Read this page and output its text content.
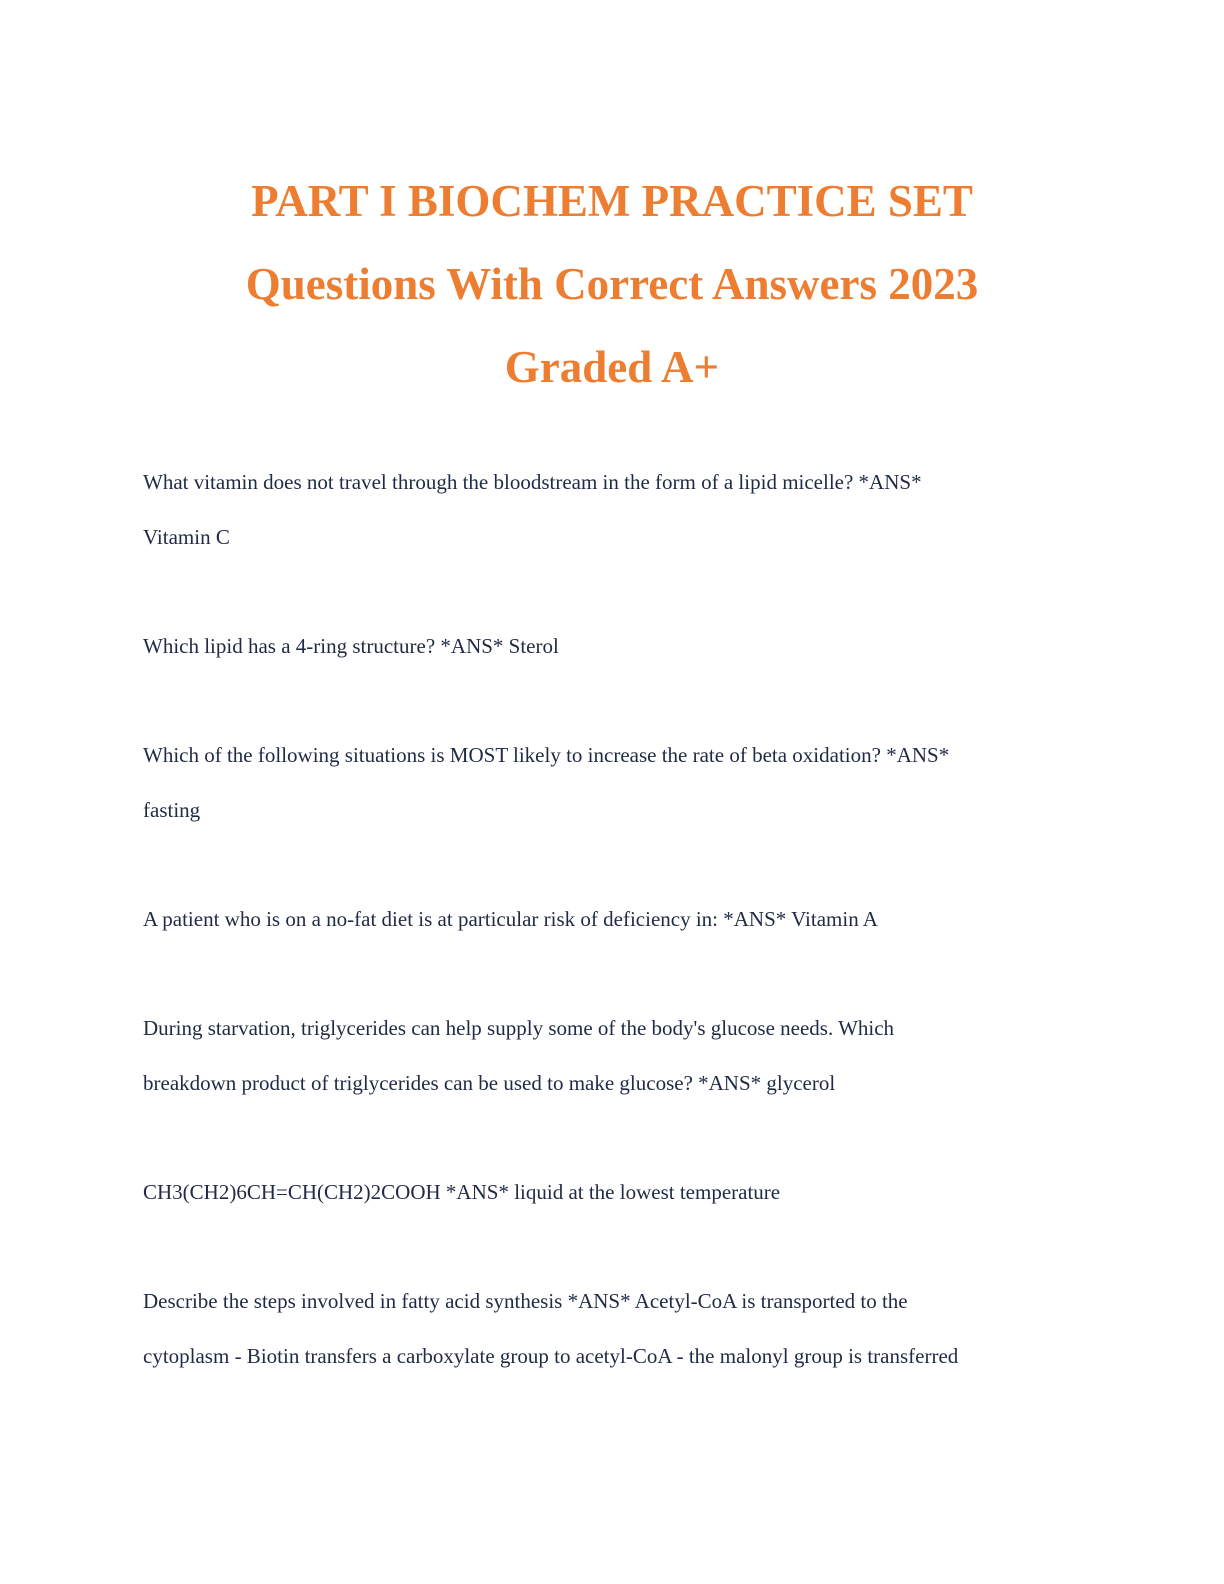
PART I BIOCHEM PRACTICE SET
Questions With Correct Answers 2023
Graded A+

What vitamin does not travel through the bloodstream in the form of a lipid micelle? *ANS*
Vitamin C

Which lipid has a 4-ring structure? *ANS* Sterol

Which of the following situations is MOST likely to increase the rate of beta oxidation? *ANS*
fasting

A patient who is on a no-fat diet is at particular risk of deficiency in: *ANS* Vitamin A

During starvation, triglycerides can help supply some of the body's glucose needs. Which
breakdown product of triglycerides can be used to make glucose? *ANS* glycerol

CH3(CH2)6CH=CH(CH2)2COOH *ANS* liquid at the lowest temperature

Describe the steps involved in fatty acid synthesis *ANS* Acetyl-CoA is transported to the
cytoplasm - Biotin transfers a carboxylate group to acetyl-CoA - the malonyl group is transferred
